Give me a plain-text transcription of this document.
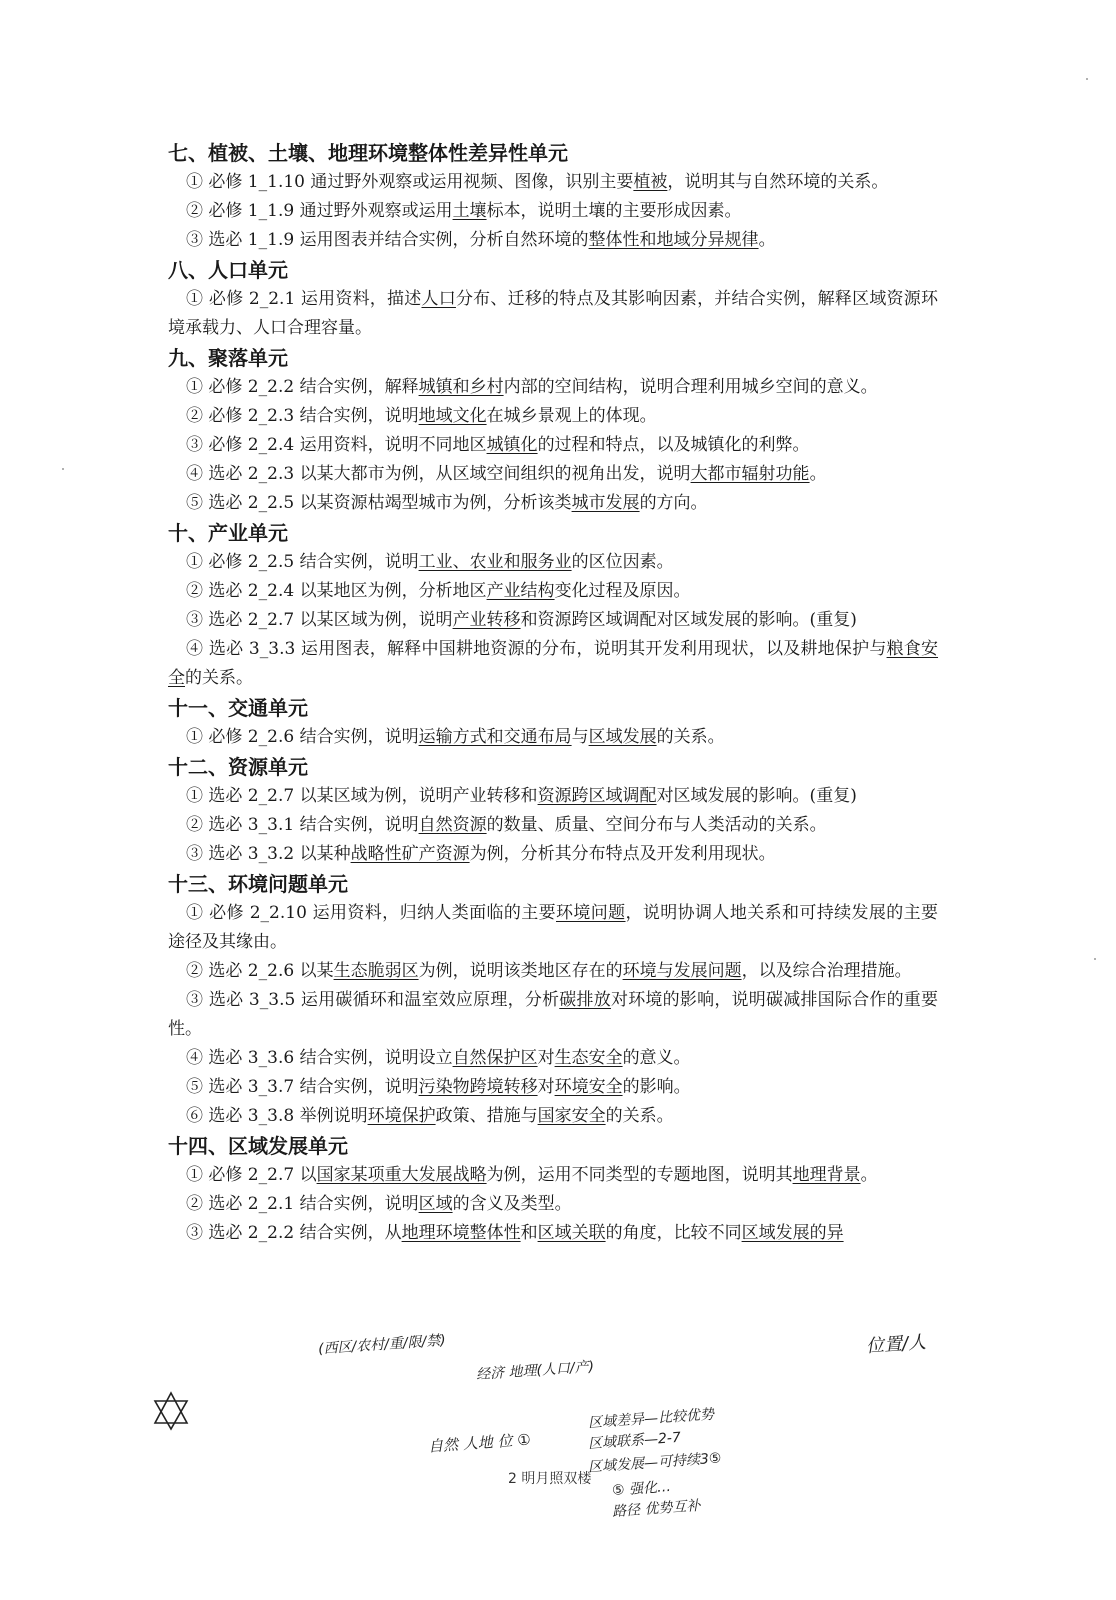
七、植被、土壤、地理环境整体性差异性单元

① 必修 1_1.10 通过野外观察或运用视频、图像，识别主要植被，说明其与自然环境的关系。

② 必修 1_1.9 通过野外观察或运用土壤标本，说明土壤的主要形成因素。

③ 选必 1_1.9 运用图表并结合实例，分析自然环境的整体性和地域分异规律。

八、人口单元

① 必修 2_2.1 运用资料，描述人口分布、迁移的特点及其影响因素，并结合实例，解释区域资源环境承载力、人口合理容量。

九、聚落单元

① 必修 2_2.2 结合实例，解释城镇和乡村内部的空间结构，说明合理利用城乡空间的意义。

② 必修 2_2.3 结合实例，说明地域文化在城乡景观上的体现。

③ 必修 2_2.4 运用资料，说明不同地区城镇化的过程和特点，以及城镇化的利弊。

④ 选必 2_2.3 以某大都市为例，从区域空间组织的视角出发，说明大都市辐射功能。

⑤ 选必 2_2.5 以某资源枯竭型城市为例，分析该类城市发展的方向。

十、产业单元

① 必修 2_2.5 结合实例，说明工业、农业和服务业的区位因素。

② 选必 2_2.4 以某地区为例，分析地区产业结构变化过程及原因。

③ 选必 2_2.7 以某区域为例，说明产业转移和资源跨区域调配对区域发展的影响。(重复)

④ 选必 3_3.3 运用图表，解释中国耕地资源的分布，说明其开发利用现状，以及耕地保护与粮食安全的关系。

十一、交通单元

① 必修 2_2.6 结合实例，说明运输方式和交通布局与区域发展的关系。

十二、资源单元

① 选必 2_2.7 以某区域为例，说明产业转移和资源跨区域调配对区域发展的影响。(重复)

② 选必 3_3.1 结合实例，说明自然资源的数量、质量、空间分布与人类活动的关系。

③ 选必 3_3.2 以某种战略性矿产资源为例，分析其分布特点及开发利用现状。

十三、环境问题单元

① 必修 2_2.10 运用资料，归纳人类面临的主要环境问题，说明协调人地关系和可持续发展的主要途径及其缘由。

② 选必 2_2.6 以某生态脆弱区为例，说明该类地区存在的环境与发展问题，以及综合治理措施。

③ 选必 3_3.5 运用碳循环和温室效应原理，分析碳排放对环境的影响，说明碳减排国际合作的重要性。

④ 选必 3_3.6 结合实例，说明设立自然保护区对生态安全的意义。

⑤ 选必 3_3.7 结合实例，说明污染物跨境转移对环境安全的影响。

⑥ 选必 3_3.8 举例说明环境保护政策、措施与国家安全的关系。

十四、区域发展单元

① 必修 2_2.7 以国家某项重大发展战略为例，运用不同类型的专题地图，说明其地理背景。

② 选必 2_2.1 结合实例，说明区域的含义及类型。

③ 选必 2_2.2 结合实例，从地理环境整体性和区域关联的角度，比较不同区域发展的异

(西区/农村/重/限/禁)	位置/人
经济 地理(人口/产)
自然 人地 位 ①
区域差异—比较优势
区域联系—2-7
区域发展—可持续3⑤
⑤ 强化…
路径 优势互补
2 明月照双楼
